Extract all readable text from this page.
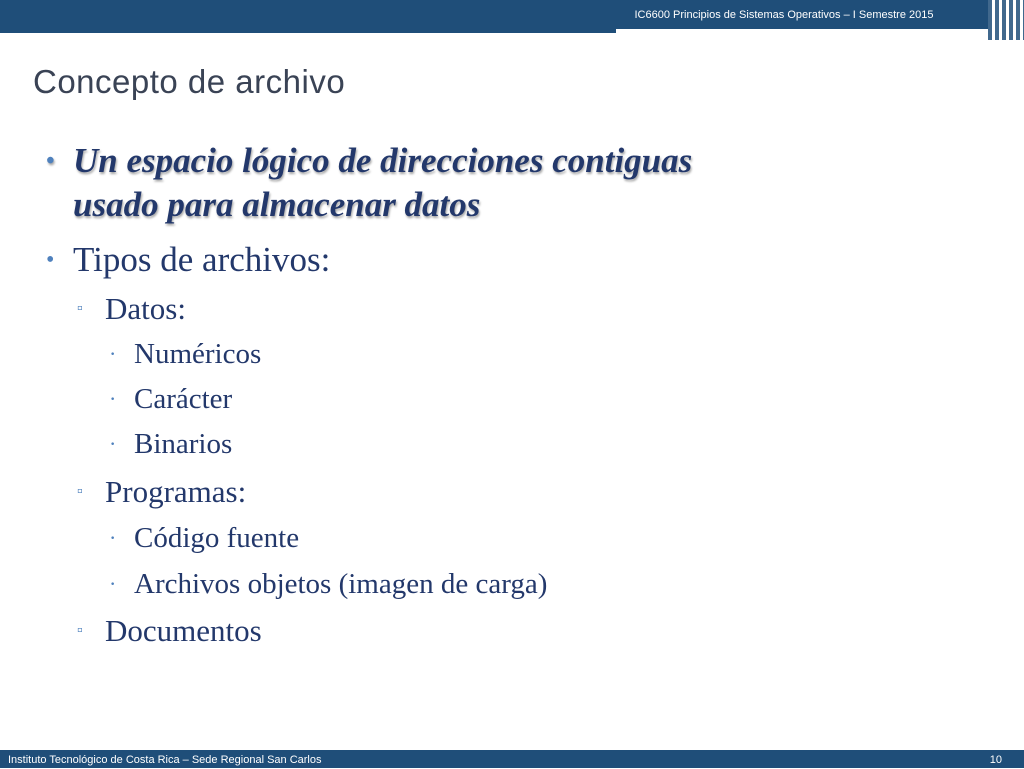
IC6600 Principios de Sistemas Operativos – I Semestre 2015
Concepto de archivo
• Un espacio lógico de direcciones contiguas
usado para almacenar datos
• Tipos de archivos:
▫ Datos:
· Numéricos
· Carácter
· Binarios
▫ Programas:
· Código fuente
· Archivos objetos (imagen de carga)
▫ Documentos
Instituto Tecnológico de Costa Rica – Sede Regional San Carlos	10
